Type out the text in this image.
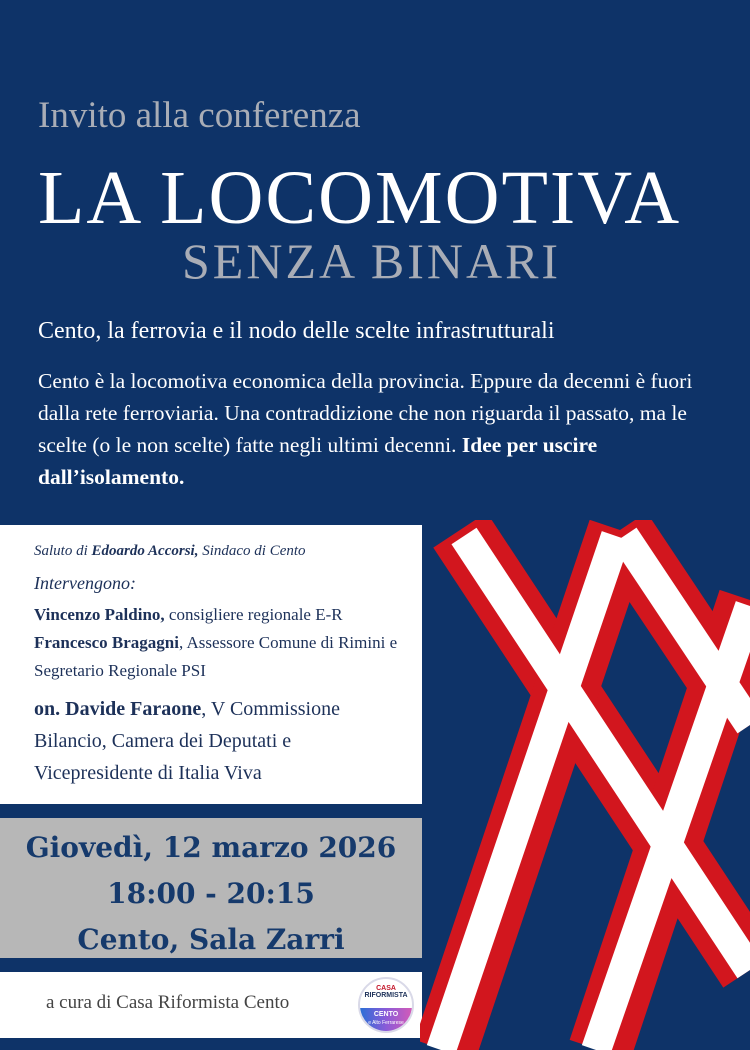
Invito alla conferenza
LA LOCOMOTIVA
SENZA BINARI

Cento, la ferrovia e il nodo delle scelte infrastrutturali

Cento è la locomotiva economica della provincia. Eppure da decenni è fuori dalla rete ferroviaria. Una contraddizione che non riguarda il passato, ma le scelte (o le non scelte) fatte negli ultimi decenni. Idee per uscire dall’isolamento.

Saluto di Edoardo Accorsi, Sindaco di Cento

Intervengono:

Vincenzo Paldino, consigliere regionale E-R

Francesco Bragagni, Assessore Comune di Rimini e Segretario Regionale PSI

on. Davide Faraone, V Commissione Bilancio, Camera dei Deputati e Vicepresidente di Italia Viva

Giovedì, 12 marzo 2026

18:00 - 20:15

Cento, Sala Zarri

a cura di Casa Riformista Cento

CASA
RIFORMISTA
CENTO
e Alto Ferrarese
